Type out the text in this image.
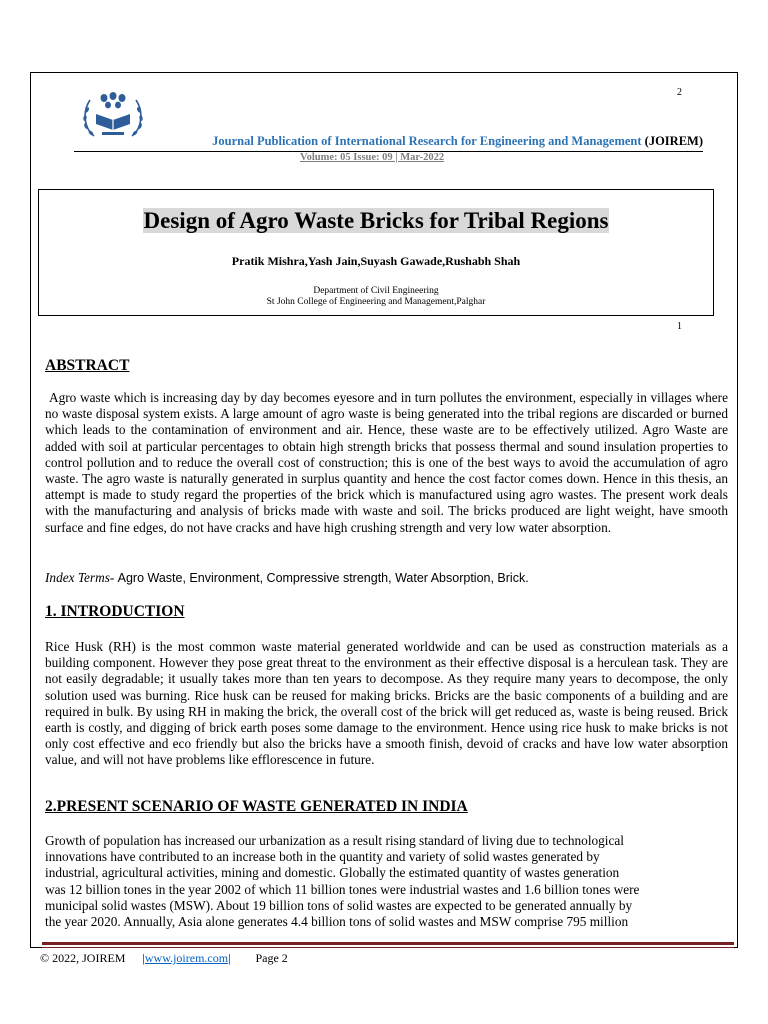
2
Journal Publication of International Research for Engineering and Management (JOIREM)
Volume: 05 Issue: 09 | Mar-2022
Design of Agro Waste Bricks for Tribal Regions
Pratik Mishra,Yash Jain,Suyash Gawade,Rushabh Shah
Department of Civil Engineering
St John College of Engineering and Management,Palghar
1
ABSTRACT
Agro waste which is increasing day by day becomes eyesore and in turn pollutes the environment, especially in villages where no waste disposal system exists. A large amount of agro waste is being generated into the tribal regions are discarded or burned which leads to the contamination of environment and air. Hence, these waste are to be effectively utilized. Agro Waste are added with soil at particular percentages to obtain high strength bricks that possess thermal and sound insulation properties to control pollution and to reduce the overall cost of construction; this is one of the best ways to avoid the accumulation of agro waste. The agro waste is naturally generated in surplus quantity and hence the cost factor comes down. Hence in this thesis, an attempt is made to study regard the properties of the brick which is manufactured using agro wastes. The present work deals with the manufacturing and analysis of bricks made with waste and soil. The bricks produced are light weight, have smooth surface and fine edges, do not have cracks and have high crushing strength and very low water absorption.
Index Terms- Agro Waste, Environment, Compressive strength, Water Absorption, Brick.
1. INTRODUCTION
Rice Husk (RH) is the most common waste material generated worldwide and can be used as construction materials as a building component. However they pose great threat to the environment as their effective disposal is a herculean task. They are not easily degradable; it usually takes more than ten years to decompose. As they require many years to decompose, the only solution used was burning. Rice husk can be reused for making bricks. Bricks are the basic components of a building and are required in bulk. By using RH in making the brick, the overall cost of the brick will get reduced as, waste is being reused. Brick earth is costly, and digging of brick earth poses some damage to the environment. Hence using rice husk to make bricks is not only cost effective and eco friendly but also the bricks have a smooth finish, devoid of cracks and have low water absorption value, and will not have problems like efflorescence in future.
2.PRESENT SCENARIO OF WASTE GENERATED IN INDIA
Growth of population has increased our urbanization as a result rising standard of living due to technological
innovations have contributed to an increase both in the quantity and variety of solid wastes generated by
industrial, agricultural activities, mining and domestic. Globally the estimated quantity of wastes generation
was 12 billion tones in the year 2002 of which 11 billion tones were industrial wastes and 1.6 billion tones were
municipal solid wastes (MSW). About 19 billion tons of solid wastes are expected to be generated annually by
the year 2020. Annually, Asia alone generates 4.4 billion tons of solid wastes and MSW comprise 795 million
© 2022, JOIREM |www.joirem.com| Page 2
